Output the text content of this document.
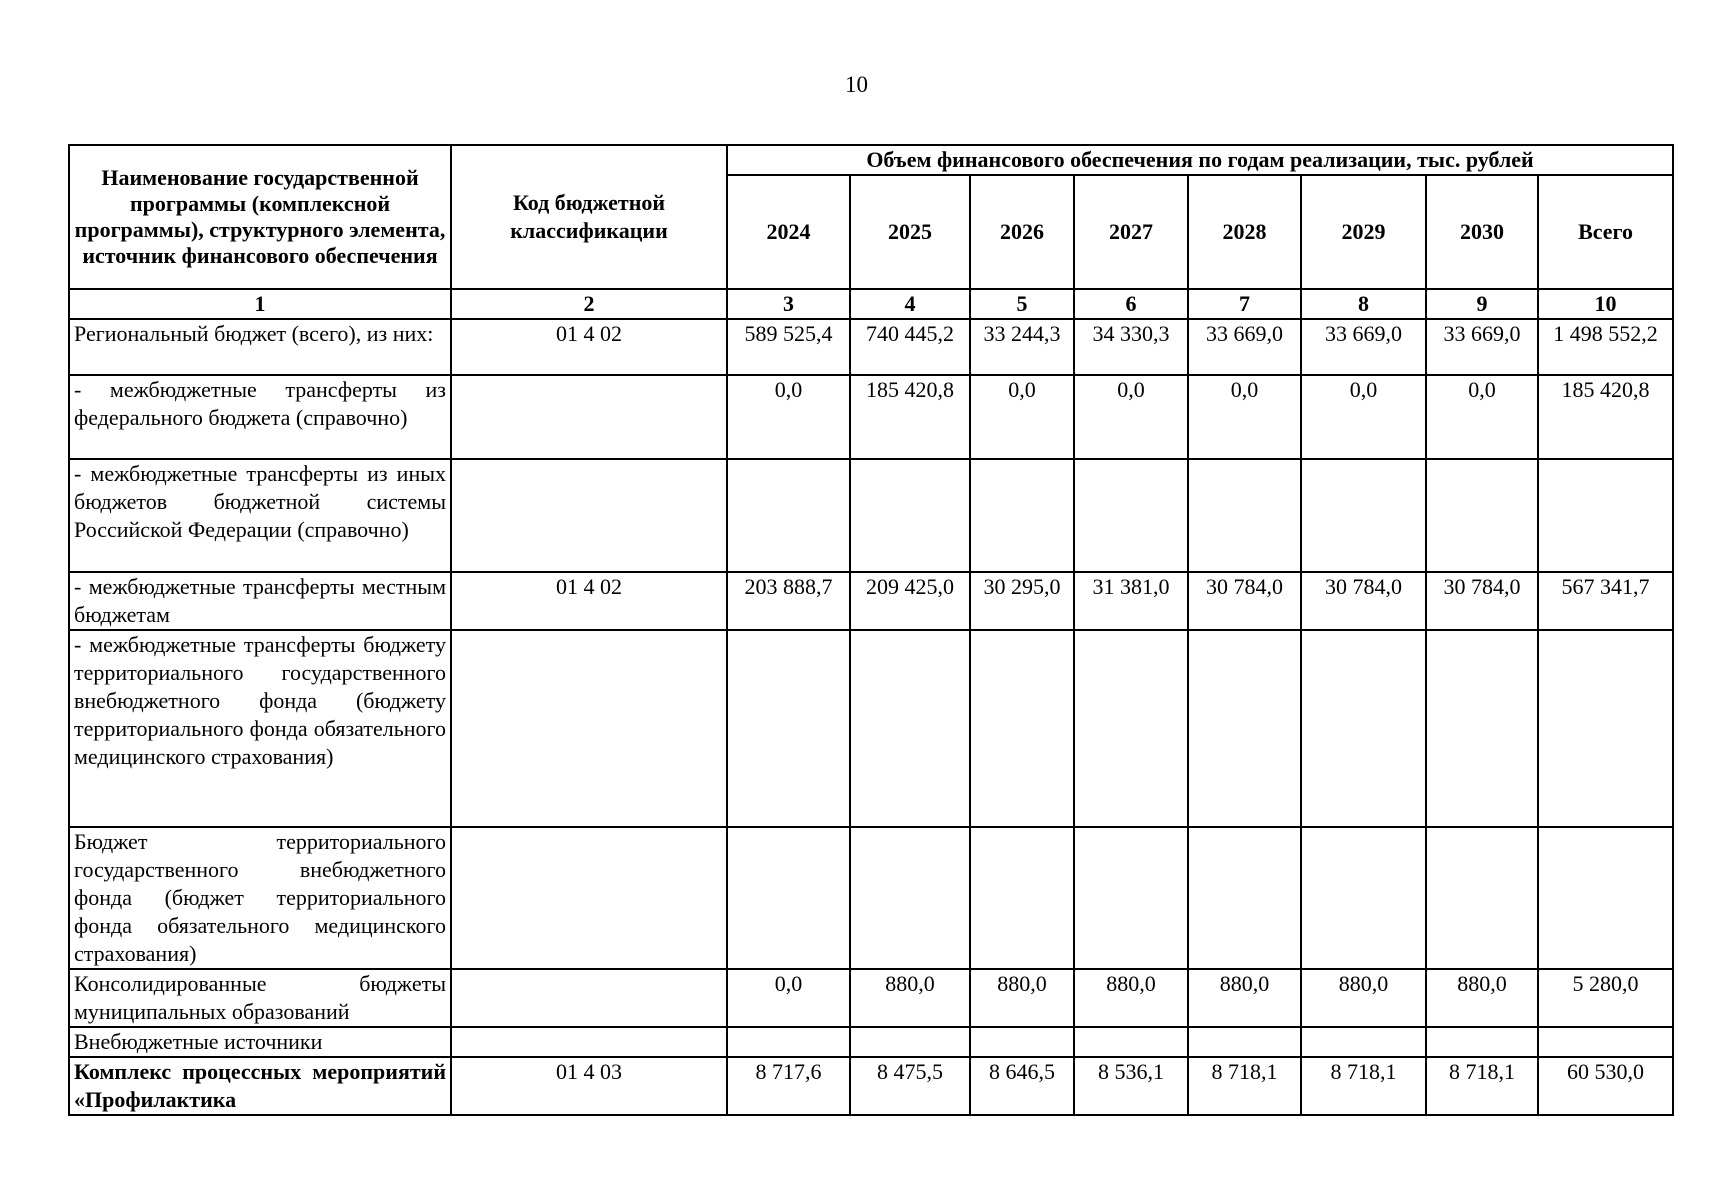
10
Наименование государственной программы (комплексной программы), структурного элемента, источник финансового обеспечения	Код бюджетной классификации	Объем финансового обеспечения по годам реализации, тыс. рублей							
		2024	2025	2026	2027	2028	2029	2030	Всего
1	2	3	4	5	6	7	8	9	10
Региональный бюджет (всего), из них:	01 4 02	589 525,4	740 445,2	33 244,3	34 330,3	33 669,0	33 669,0	33 669,0	1 498 552,2
- межбюджетные трансферты из федерального бюджета (справочно)		0,0	185 420,8	0,0	0,0	0,0	0,0	0,0	185 420,8
- межбюджетные трансферты из иных бюджетов бюджетной системы Российской Федерации (справочно)									
- межбюджетные трансферты местным бюджетам	01 4 02	203 888,7	209 425,0	30 295,0	31 381,0	30 784,0	30 784,0	30 784,0	567 341,7
- межбюджетные трансферты бюджету территориального государственного внебюджетного фонда (бюджету территориального фонда обязательного медицинского страхования)									
Бюджет территориального государственного внебюджетного фонда (бюджет территориального фонда обязательного медицинского страхования)									
Консолидированные бюджеты муниципальных образований		0,0	880,0	880,0	880,0	880,0	880,0	880,0	5 280,0
Внебюджетные источники									
Комплекс процессных мероприятий «Профилактика	01 4 03	8 717,6	8 475,5	8 646,5	8 536,1	8 718,1	8 718,1	8 718,1	60 530,0
